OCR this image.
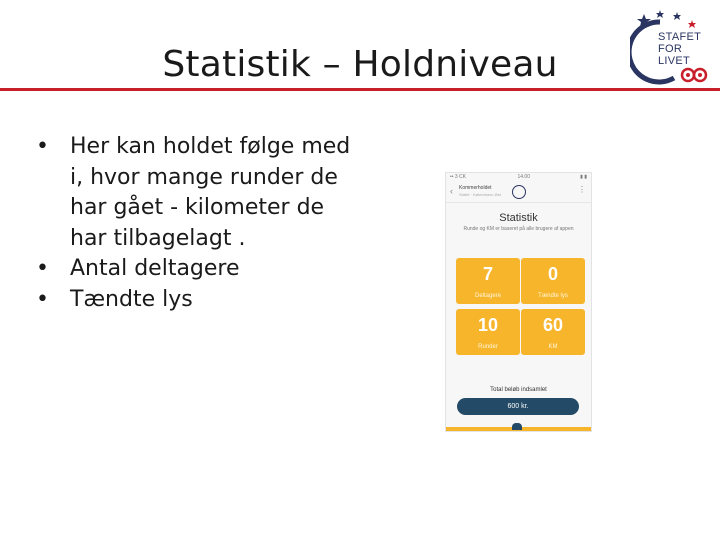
Statistik – Holdniveau
STAFET
FOR LIVET
• Her kan holdet følge med i, hvor mange runder de har gået - kilometer de har tilbagelagt .
• Antal deltagere
• Tændte lys
•• 3 CK ⁠	14.00	▮ ▮
‹ Kommerholdet
Stafet · København Øst
⋮
Statistik
Runde og KM er baseret på alle brugere af appen
7
Deltagere
0
Tændte lys
10
Runder
60
KM
Total beløb indsamlet
600 kr.
